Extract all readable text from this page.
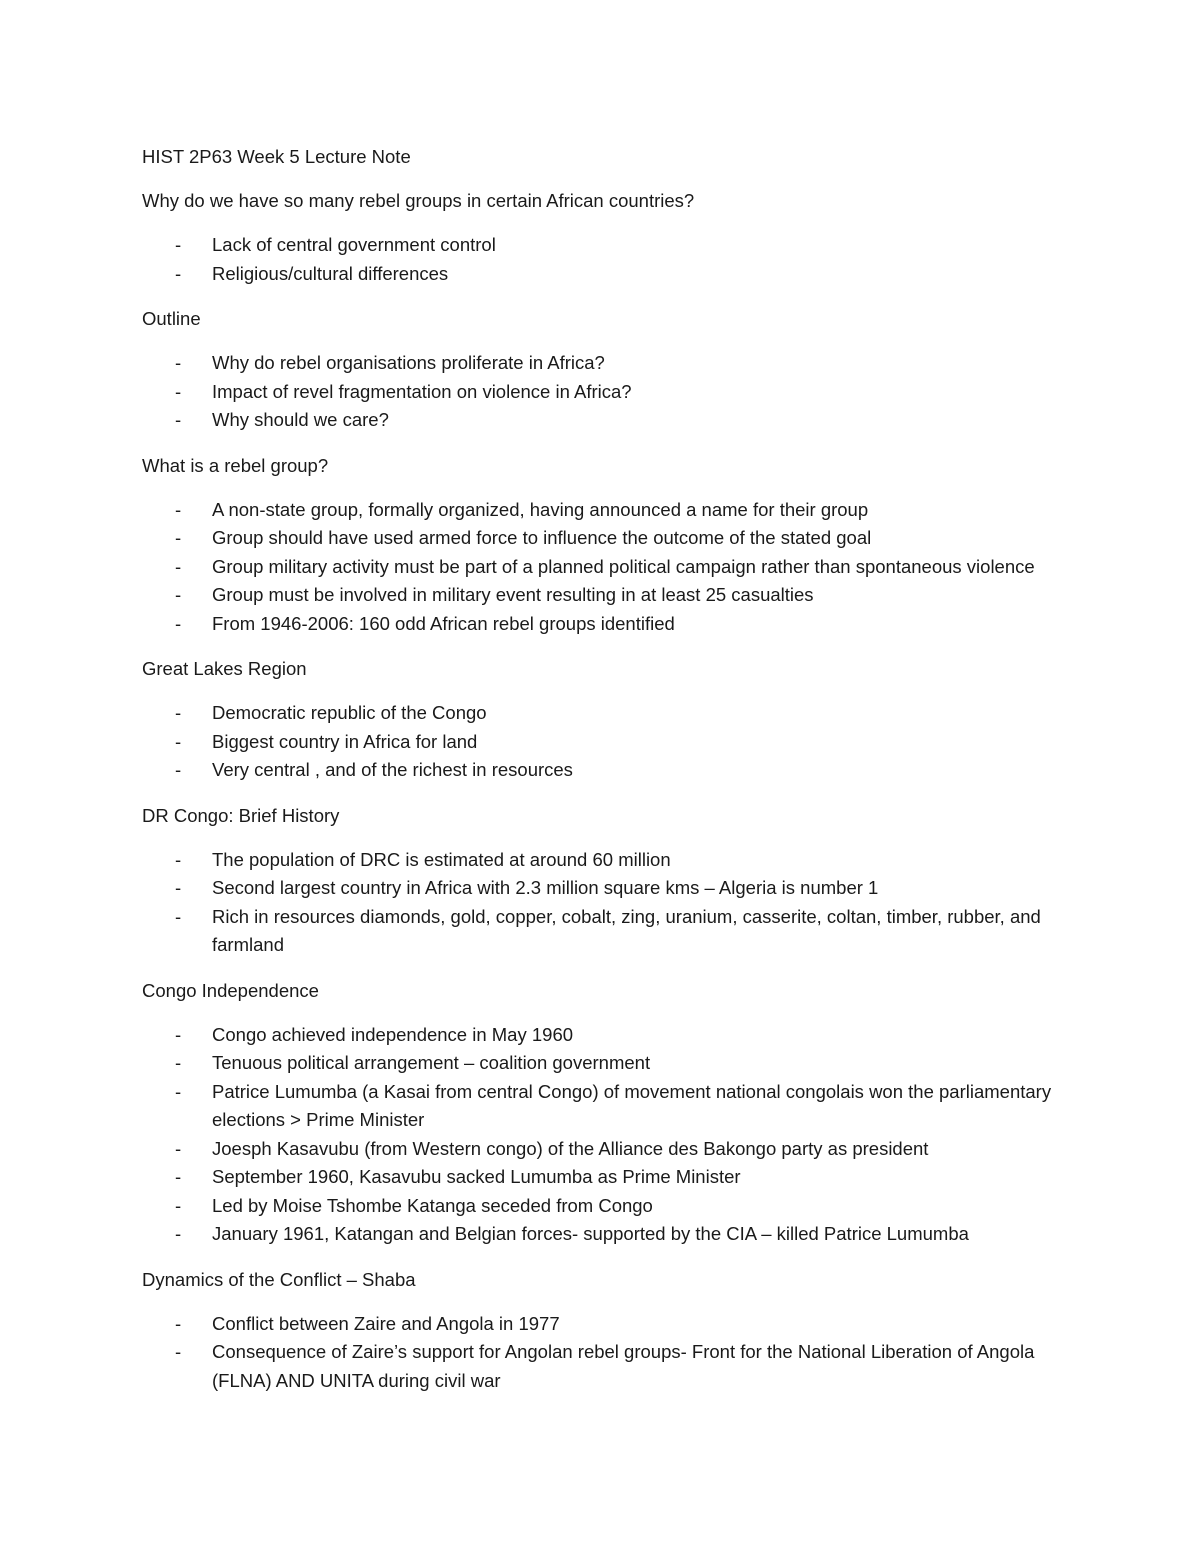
HIST 2P63 Week 5 Lecture Note
Why do we have so many rebel groups in certain African countries?
- Lack of central government control
- Religious/cultural differences
Outline
- Why do rebel organisations proliferate in Africa?
- Impact of revel fragmentation on violence in Africa?
- Why should we care?
What is a rebel group?
- A non-state group, formally organized, having announced a name for their group
- Group should have used armed force to influence the outcome of the stated goal
- Group military activity must be part of a planned political campaign rather than spontaneous violence
- Group must be involved in military event resulting in at least 25 casualties
- From 1946-2006: 160 odd African rebel groups identified
Great Lakes Region
- Democratic republic of the Congo
- Biggest country in Africa for land
- Very central , and of the richest in resources
DR Congo: Brief History
- The population of DRC is estimated at around 60 million
- Second largest country in Africa with 2.3 million square kms – Algeria is number 1
- Rich in resources diamonds, gold, copper, cobalt, zing, uranium, casserite, coltan, timber, rubber, and farmland
Congo Independence
- Congo achieved independence in May 1960
- Tenuous political arrangement – coalition government
- Patrice Lumumba (a Kasai from central Congo) of movement national congolais won the parliamentary elections > Prime Minister
- Joesph Kasavubu (from Western congo) of the Alliance des Bakongo party as president
- September 1960, Kasavubu sacked Lumumba as Prime Minister
- Led by Moise Tshombe Katanga seceded from Congo
- January 1961, Katangan and Belgian forces- supported by the CIA – killed Patrice Lumumba
Dynamics of the Conflict – Shaba
- Conflict between Zaire and Angola in 1977
- Consequence of Zaire’s support for Angolan rebel groups- Front for the National Liberation of Angola (FLNA) AND UNITA during civil war
